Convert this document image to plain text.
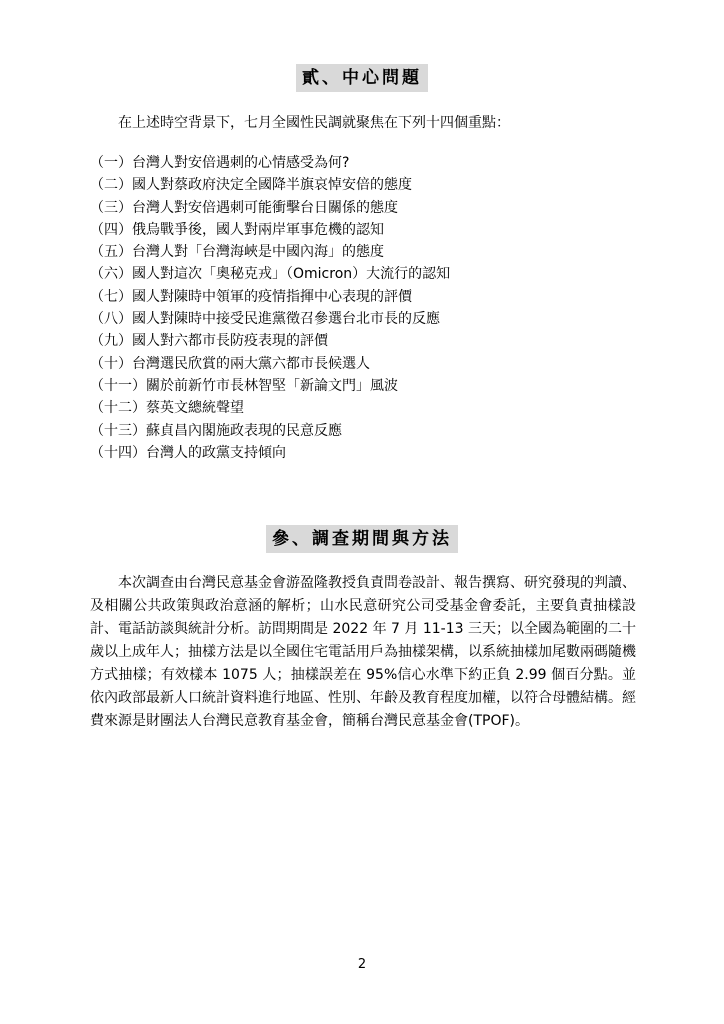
貳、中心問題
在上述時空背景下，七月全國性民調就聚焦在下列十四個重點：
（一）台灣人對安倍遇刺的心情感受為何?
（二）國人對蔡政府決定全國降半旗哀悼安倍的態度
（三）台灣人對安倍遇刺可能衝擊台日關係的態度
（四）俄烏戰爭後，國人對兩岸軍事危機的認知
（五）台灣人對「台灣海峽是中國內海」的態度
（六）國人對這次「奧秘克戎」（Omicron）大流行的認知
（七）國人對陳時中領軍的疫情指揮中心表現的評價
（八）國人對陳時中接受民進黨徵召參選台北市長的反應
（九）國人對六都市長防疫表現的評價
（十）台灣選民欣賞的兩大黨六都市長候選人
（十一）關於前新竹市長林智堅「新論文門」風波
（十二）蔡英文總統聲望
（十三）蘇貞昌內閣施政表現的民意反應
（十四）台灣人的政黨支持傾向
參、調查期間與方法

本次調查由台灣民意基金會游盈隆教授負責問卷設計、報告撰寫、研究發現的判讀、及相關公共政策與政治意涵的解析；山水民意研究公司受基金會委託，主要負責抽樣設計、電話訪談與統計分析。訪問期間是 2022 年 7 月 11-13 三天；以全國為範圍的二十歲以上成年人；抽樣方法是以全國住宅電話用戶為抽樣架構，以系統抽樣加尾數兩碼隨機方式抽樣；有效樣本 1075 人；抽樣誤差在 95%信心水準下約正負 2.99 個百分點。並依內政部最新人口統計資料進行地區、性別、年齡及教育程度加權，以符合母體結構。經費來源是財團法人台灣民意教育基金會，簡稱台灣民意基金會(TPOF)。

2
